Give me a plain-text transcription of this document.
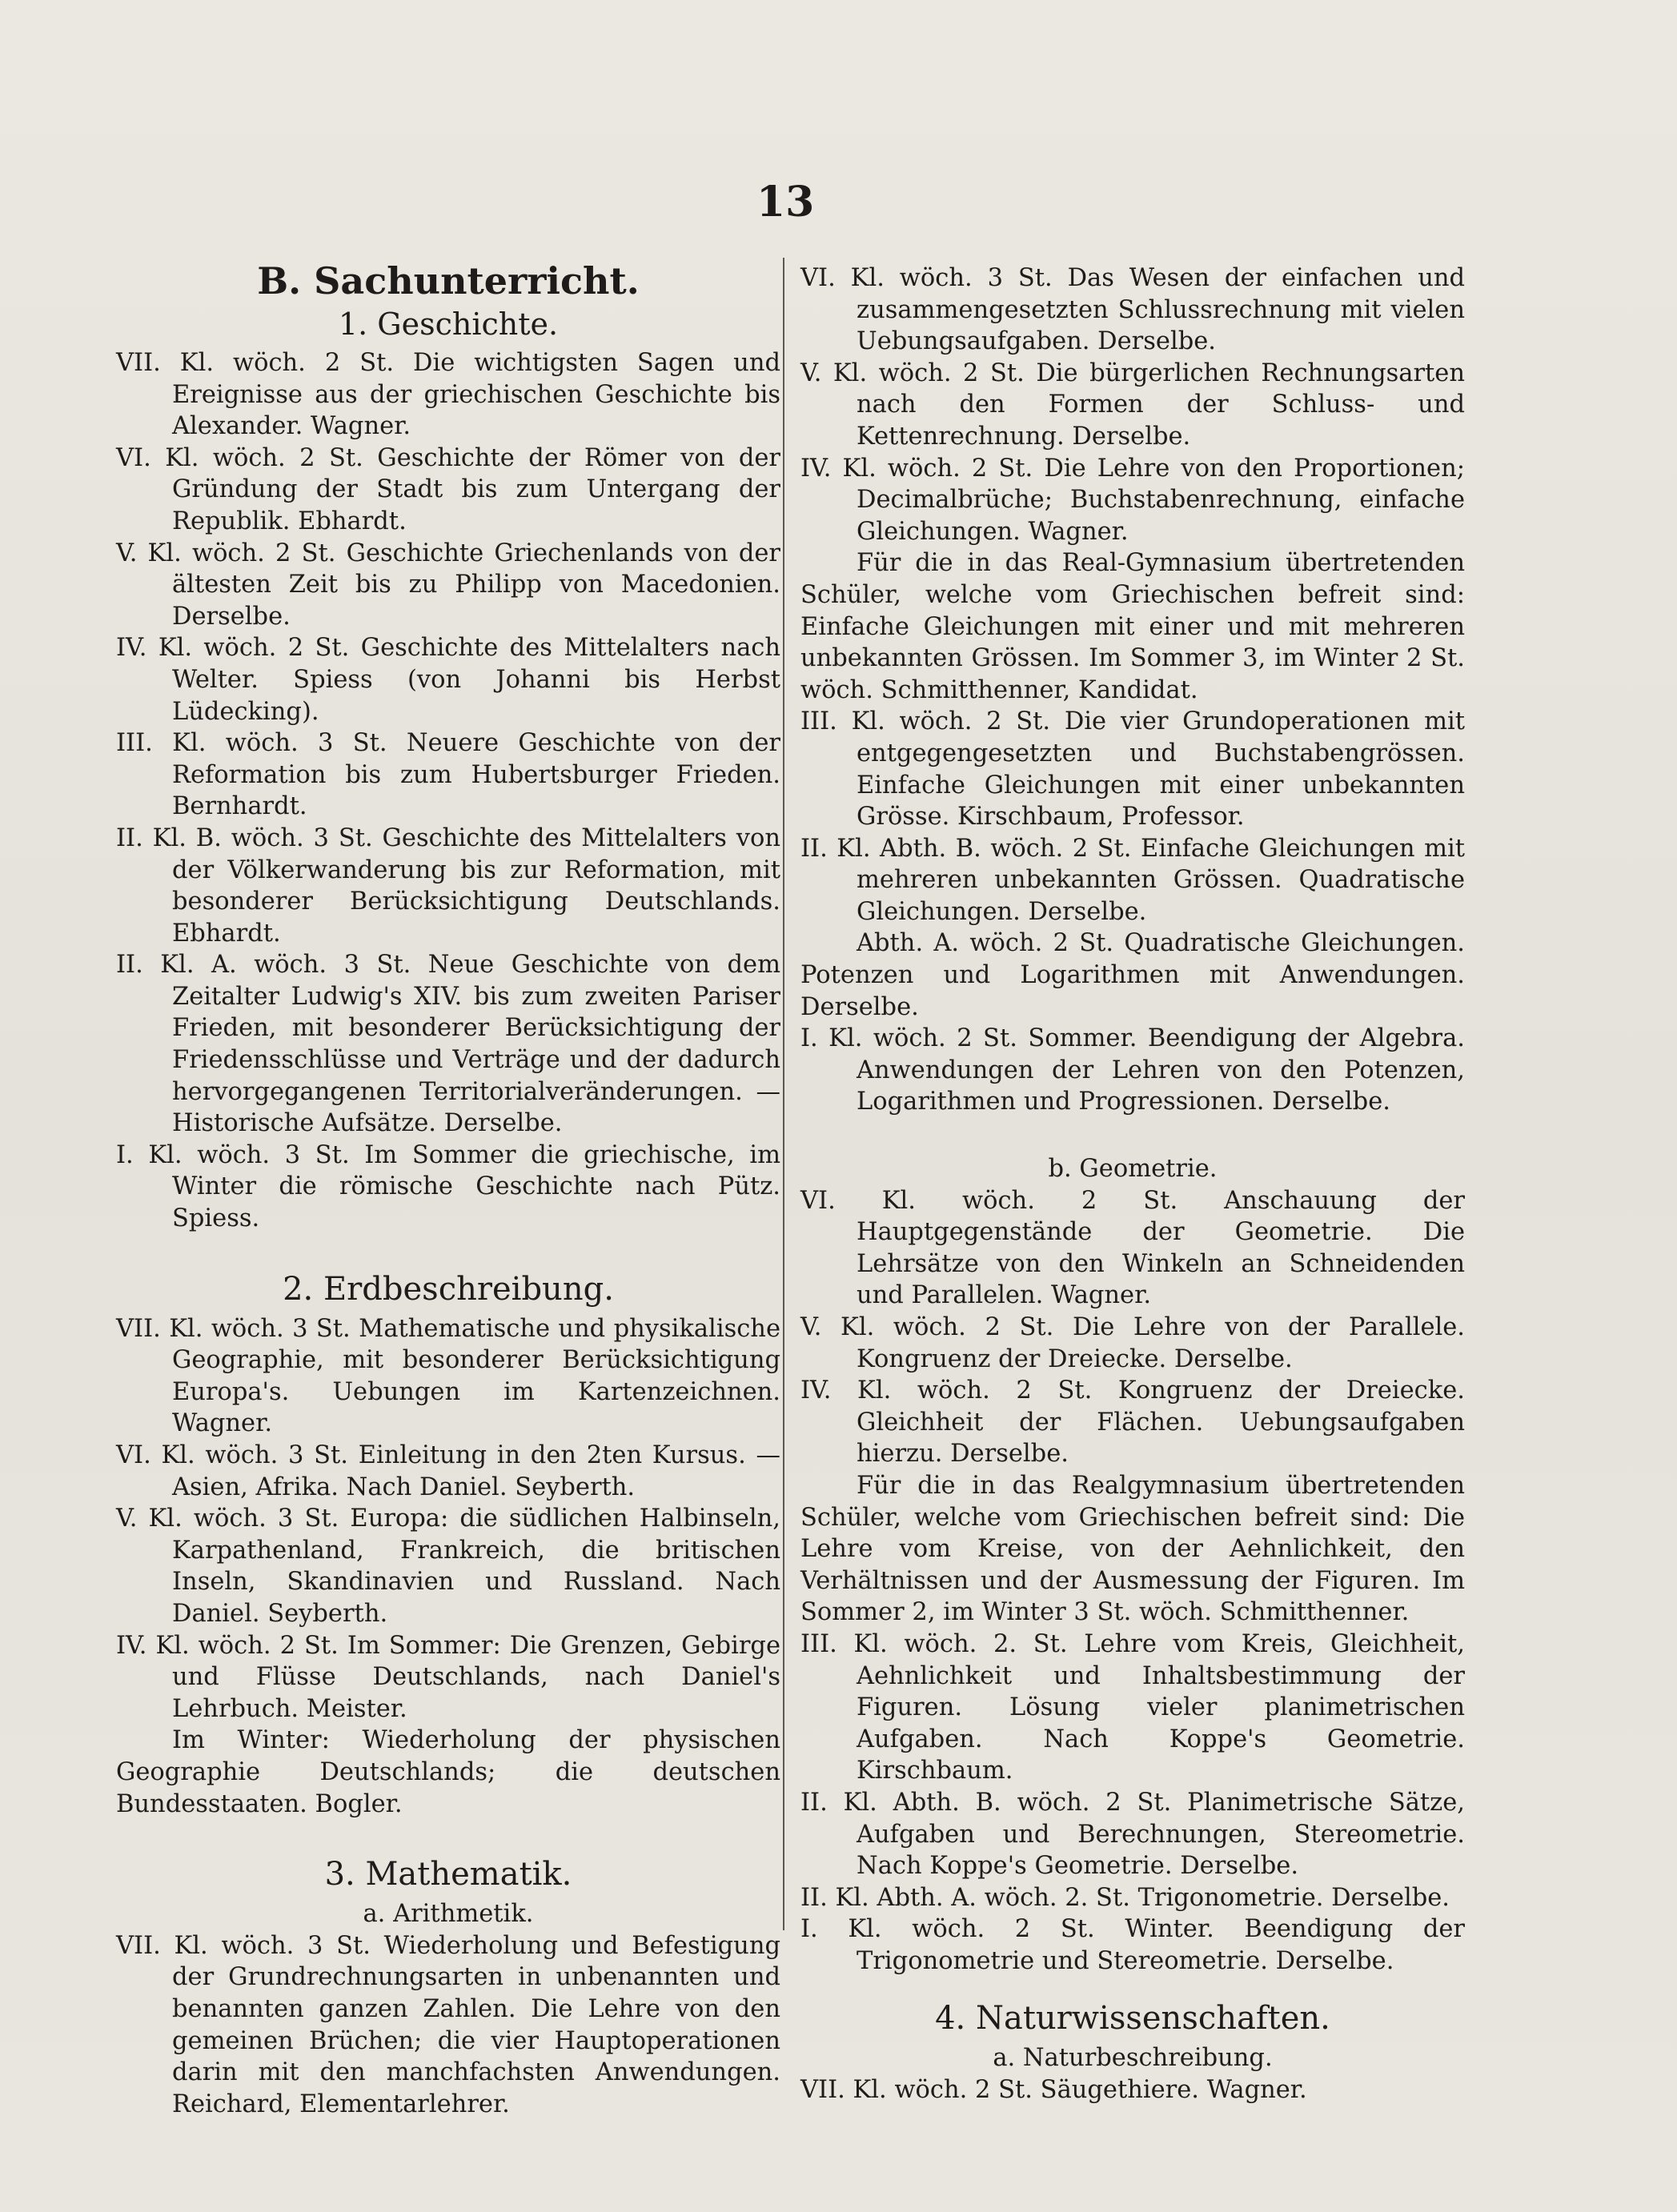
13

B. Sachunterricht.

1. Geschichte.

VII. Kl. wöch. 2 St. Die wichtigsten Sagen und Ereignisse aus der griechischen Geschichte bis Alexander. Wagner.

VI. Kl. wöch. 2 St. Geschichte der Römer von der Gründung der Stadt bis zum Untergang der Republik. Ebhardt.

V. Kl. wöch. 2 St. Geschichte Griechenlands von der ältesten Zeit bis zu Philipp von Macedonien. Derselbe.

IV. Kl. wöch. 2 St. Geschichte des Mittelalters nach Welter. Spiess (von Johanni bis Herbst Lüdecking).

III. Kl. wöch. 3 St. Neuere Geschichte von der Reformation bis zum Hubertsburger Frieden. Bernhardt.

II. Kl. B. wöch. 3 St. Geschichte des Mittelalters von der Völkerwanderung bis zur Reformation, mit besonderer Berücksichtigung Deutschlands. Ebhardt.

II. Kl. A. wöch. 3 St. Neue Geschichte von dem Zeitalter Ludwig's XIV. bis zum zweiten Pariser Frieden, mit besonderer Berücksichtigung der Friedensschlüsse und Verträge und der dadurch hervorgegangenen Territorialveränderungen. — Historische Aufsätze. Derselbe.

I. Kl. wöch. 3 St. Im Sommer die griechische, im Winter die römische Geschichte nach Pütz. Spiess.

2. Erdbeschreibung.

VII. Kl. wöch. 3 St. Mathematische und physikalische Geographie, mit besonderer Berücksichtigung Europa's. Uebungen im Kartenzeichnen. Wagner.

VI. Kl. wöch. 3 St. Einleitung in den 2ten Kursus. — Asien, Afrika. Nach Daniel. Seyberth.

V. Kl. wöch. 3 St. Europa: die südlichen Halbinseln, Karpathenland, Frankreich, die britischen Inseln, Skandinavien und Russland. Nach Daniel. Seyberth.

IV. Kl. wöch. 2 St. Im Sommer: Die Grenzen, Gebirge und Flüsse Deutschlands, nach Daniel's Lehrbuch. Meister.

Im Winter: Wiederholung der physischen Geographie Deutschlands; die deutschen Bundesstaaten. Bogler.

3. Mathematik.

a. Arithmetik.

VII. Kl. wöch. 3 St. Wiederholung und Befestigung der Grundrechnungsarten in unbenannten und benannten ganzen Zahlen. Die Lehre von den gemeinen Brüchen; die vier Hauptoperationen darin mit den manchfachsten Anwendungen. Reichard, Elementarlehrer.

VI. Kl. wöch. 3 St. Das Wesen der einfachen und zusammengesetzten Schlussrechnung mit vielen Uebungsaufgaben. Derselbe.

V. Kl. wöch. 2 St. Die bürgerlichen Rechnungsarten nach den Formen der Schluss- und Kettenrechnung. Derselbe.

IV. Kl. wöch. 2 St. Die Lehre von den Proportionen; Decimalbrüche; Buchstabenrechnung, einfache Gleichungen. Wagner.

Für die in das Real-Gymnasium übertretenden Schüler, welche vom Griechischen befreit sind: Einfache Gleichungen mit einer und mit mehreren unbekannten Grössen. Im Sommer 3, im Winter 2 St. wöch. Schmitthenner, Kandidat.

III. Kl. wöch. 2 St. Die vier Grundoperationen mit entgegengesetzten und Buchstabengrössen. Einfache Gleichungen mit einer unbekannten Grösse. Kirschbaum, Professor.

II. Kl. Abth. B. wöch. 2 St. Einfache Gleichungen mit mehreren unbekannten Grössen. Quadratische Gleichungen. Derselbe.

Abth. A. wöch. 2 St. Quadratische Gleichungen. Potenzen und Logarithmen mit Anwendungen. Derselbe.

I. Kl. wöch. 2 St. Sommer. Beendigung der Algebra. Anwendungen der Lehren von den Potenzen, Logarithmen und Progressionen. Derselbe.

b. Geometrie.

VI. Kl. wöch. 2 St. Anschauung der Hauptgegenstände der Geometrie. Die Lehrsätze von den Winkeln an Schneidenden und Parallelen. Wagner.

V. Kl. wöch. 2 St. Die Lehre von der Parallele. Kongruenz der Dreiecke. Derselbe.

IV. Kl. wöch. 2 St. Kongruenz der Dreiecke. Gleichheit der Flächen. Uebungsaufgaben hierzu. Derselbe.

Für die in das Realgymnasium übertretenden Schüler, welche vom Griechischen befreit sind: Die Lehre vom Kreise, von der Aehnlichkeit, den Verhältnissen und der Ausmessung der Figuren. Im Sommer 2, im Winter 3 St. wöch. Schmitthenner.

III. Kl. wöch. 2. St. Lehre vom Kreis, Gleichheit, Aehnlichkeit und Inhaltsbestimmung der Figuren. Lösung vieler planimetrischen Aufgaben. Nach Koppe's Geometrie. Kirschbaum.

II. Kl. Abth. B. wöch. 2 St. Planimetrische Sätze, Aufgaben und Berechnungen, Stereometrie. Nach Koppe's Geometrie. Derselbe.

II. Kl. Abth. A. wöch. 2. St. Trigonometrie. Derselbe.

I. Kl. wöch. 2 St. Winter. Beendigung der Trigonometrie und Stereometrie. Derselbe.

4. Naturwissenschaften.

a. Naturbeschreibung.

VII. Kl. wöch. 2 St. Säugethiere. Wagner.
